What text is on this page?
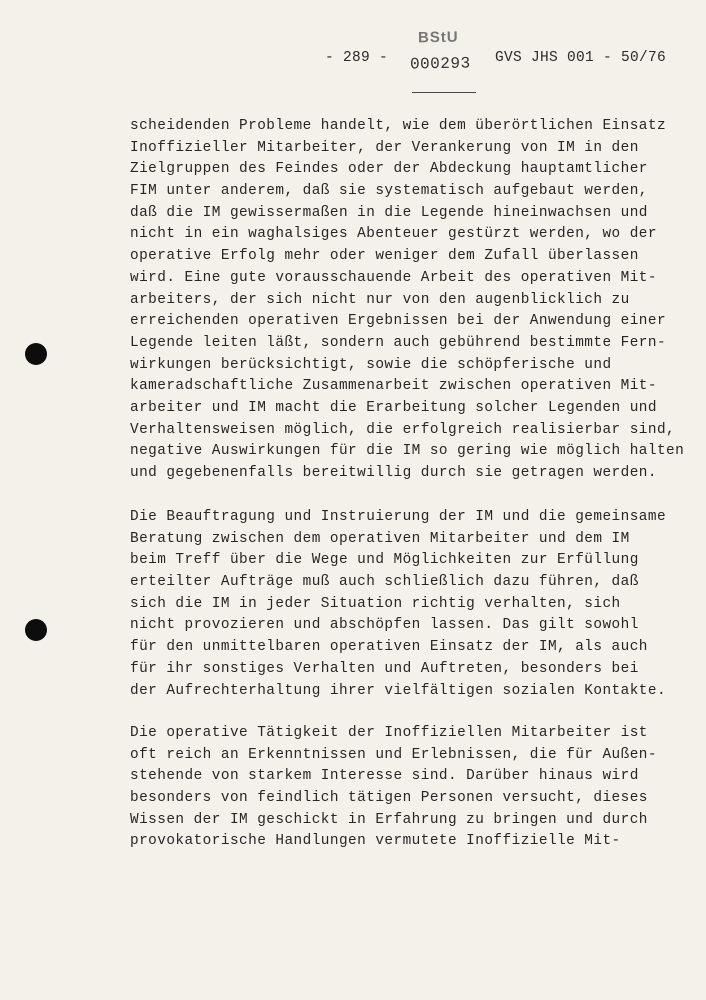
- 289 -
BStU
000293 GVS JHS 001 - 50/76
scheidenden Probleme handelt, wie dem überörtlichen Einsatz
Inoffizieller Mitarbeiter, der Verankerung von IM in den
Zielgruppen des Feindes oder der Abdeckung hauptamtlicher
FIM unter anderem, daß sie systematisch aufgebaut werden,
daß die IM gewissermaßen in die Legende hineinwachsen und
nicht in ein waghalsiges Abenteuer gestürzt werden, wo der
operative Erfolg mehr oder weniger dem Zufall überlassen
wird. Eine gute vorausschauende Arbeit des operativen Mit-
arbeiters, der sich nicht nur von den augenblicklich zu
erreichenden operativen Ergebnissen bei der Anwendung einer
Legende leiten läßt, sondern auch gebührend bestimmte Fern-
wirkungen berücksichtigt, sowie die schöpferische und
kameradschaftliche Zusammenarbeit zwischen operativen Mit-
arbeiter und IM macht die Erarbeitung solcher Legenden und
Verhaltensweisen möglich, die erfolgreich realisierbar sind,
negative Auswirkungen für die IM so gering wie möglich halten
und gegebenenfalls bereitwillig durch sie getragen werden.
Die Beauftragung und Instruierung der IM und die gemeinsame
Beratung zwischen dem operativen Mitarbeiter und dem IM
beim Treff über die Wege und Möglichkeiten zur Erfüllung
erteilter Aufträge muß auch schließlich dazu führen, daß
sich die IM in jeder Situation richtig verhalten, sich
nicht provozieren und abschöpfen lassen. Das gilt sowohl
für den unmittelbaren operativen Einsatz der IM, als auch
für ihr sonstiges Verhalten und Auftreten, besonders bei
der Aufrechterhaltung ihrer vielfältigen sozialen Kontakte.
Die operative Tätigkeit der Inoffiziellen Mitarbeiter ist
oft reich an Erkenntnissen und Erlebnissen, die für Außen-
stehende von starkem Interesse sind. Darüber hinaus wird
besonders von feindlich tätigen Personen versucht, dieses
Wissen der IM geschickt in Erfahrung zu bringen und durch
provokatorische Handlungen vermutete Inoffizielle Mit-
